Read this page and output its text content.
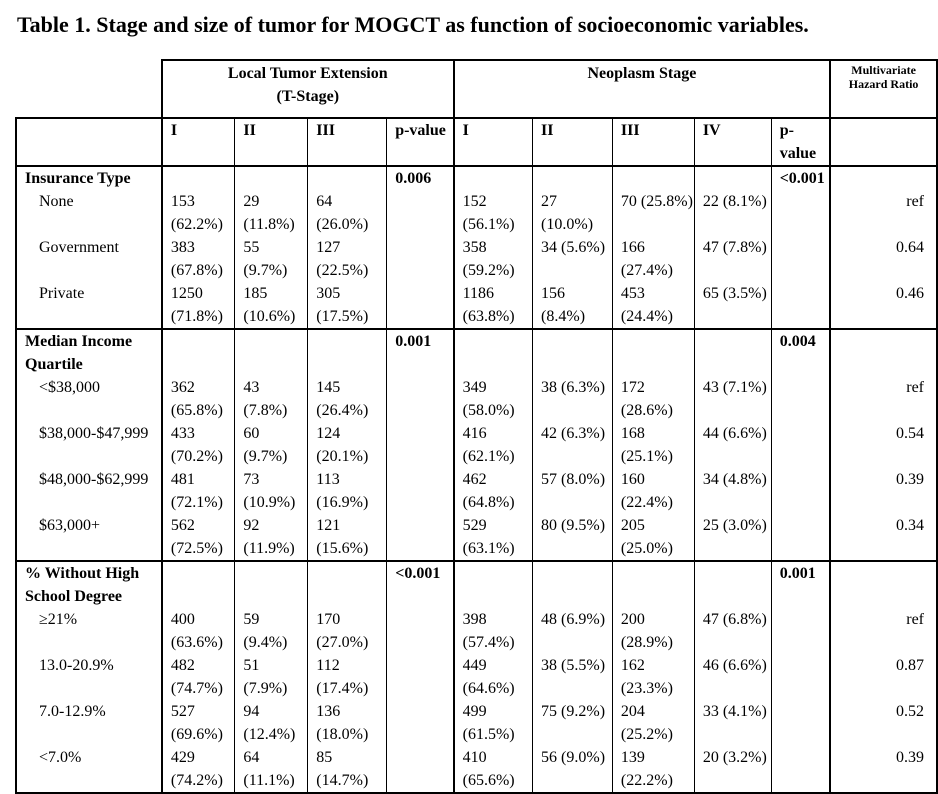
Table 1. Stage and size of tumor for MOGCT as function of socioeconomic variables.

	Local Tumor Extension
(T-Stage)				Neoplasm Stage					Multivariate Hazard Ratio
	I	II	III	p-value	I	II	III	IV	p-value	
Insurance Type				0.006					<0.001	
None	153 (62.2%)	29 (11.8%)	64 (26.0%)		152 (56.1%)	27 (10.0%)	70 (25.8%)	22 (8.1%)		ref
Government	383 (67.8%)	55 (9.7%)	127 (22.5%)		358 (59.2%)	34 (5.6%)	166 (27.4%)	47 (7.8%)		0.64
Private	1250 (71.8%)	185 (10.6%)	305 (17.5%)		1186 (63.8%)	156 (8.4%)	453 (24.4%)	65 (3.5%)		0.46
Median Income Quartile				0.001					0.004	
<$38,000	362 (65.8%)	43 (7.8%)	145 (26.4%)		349 (58.0%)	38 (6.3%)	172 (28.6%)	43 (7.1%)		ref
$38,000-$47,999	433 (70.2%)	60 (9.7%)	124 (20.1%)		416 (62.1%)	42 (6.3%)	168 (25.1%)	44 (6.6%)		0.54
$48,000-$62,999	481 (72.1%)	73 (10.9%)	113 (16.9%)		462 (64.8%)	57 (8.0%)	160 (22.4%)	34 (4.8%)		0.39
$63,000+	562 (72.5%)	92 (11.9%)	121 (15.6%)		529 (63.1%)	80 (9.5%)	205 (25.0%)	25 (3.0%)		0.34
% Without High School Degree				<0.001					0.001	
≥21%	400 (63.6%)	59 (9.4%)	170 (27.0%)		398 (57.4%)	48 (6.9%)	200 (28.9%)	47 (6.8%)		ref
13.0-20.9%	482 (74.7%)	51 (7.9%)	112 (17.4%)		449 (64.6%)	38 (5.5%)	162 (23.3%)	46 (6.6%)		0.87
7.0-12.9%	527 (69.6%)	94 (12.4%)	136 (18.0%)		499 (61.5%)	75 (9.2%)	204 (25.2%)	33 (4.1%)		0.52
<7.0%	429 (74.2%)	64 (11.1%)	85 (14.7%)		410 (65.6%)	56 (9.0%)	139 (22.2%)	20 (3.2%)		0.39
